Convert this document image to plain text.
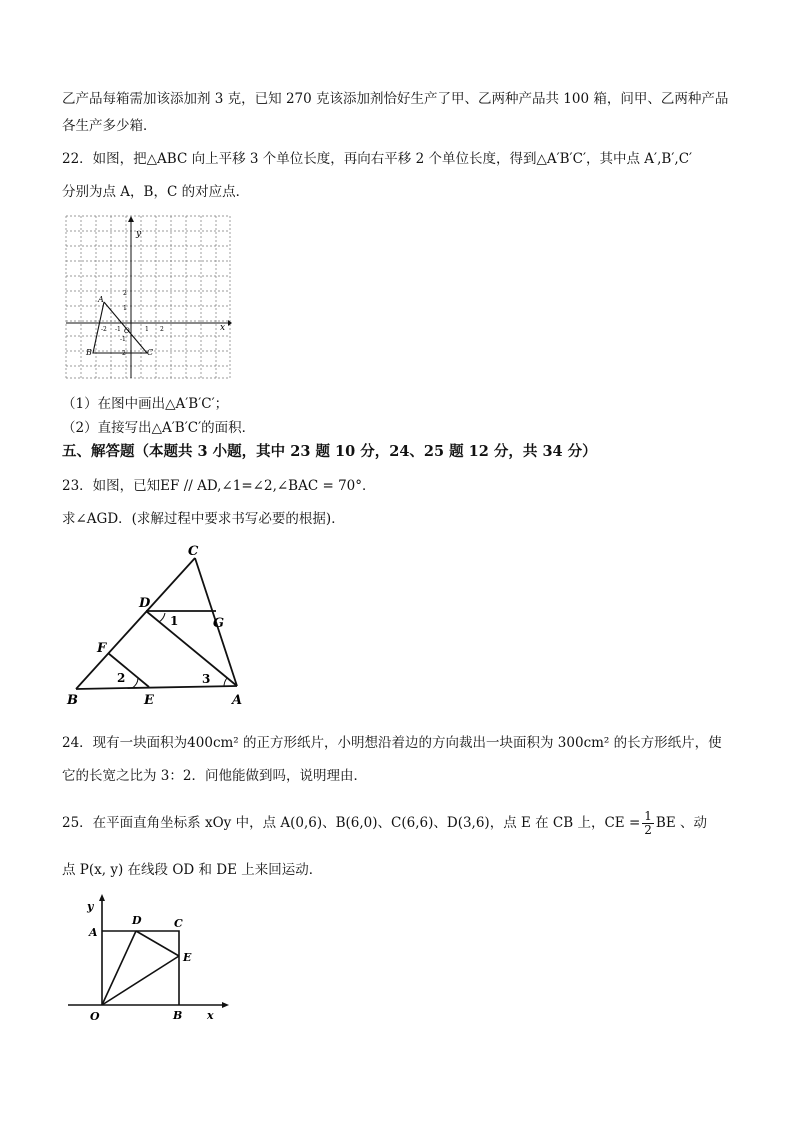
乙产品每箱需加该添加剂 3 克，已知 270 克该添加剂恰好生产了甲、乙两种产品共 100 箱，问甲、乙两种产品
各生产多少箱．
22．如图，把△ABC 向上平移 3 个单位长度，再向右平移 2 个单位长度，得到△A′B′C′，其中点 A′,B′,C′
分别为点 A，B，C 的对应点．
y
x
O
A
B	C
-2 -1	1 2
2
1
-1
-2
（1）在图中画出△A′B′C′；
（2）直接写出△A′B′C′的面积．
五、解答题（本题共 3 小题，其中 23 题 10 分，24、25 题 12 分，共 34 分）
23．如图，已知EF // AD,∠1=∠2,∠BAC = 70°．
求∠AGD．(求解过程中要求书写必要的根据)．
C
D
G
F
B	E	A
1
2	3
24．现有一块面积为400cm² 的正方形纸片，小明想沿着边的方向裁出一块面积为 300cm² 的长方形纸片，使
它的长宽之比为 3：2．问他能做到吗，说明理由．
25．在平面直角坐标系 xOy 中，点 A(0,6)、B(6,0)、C(6,6)、D(3,6)，点 E 在 CB 上，CE = $\frac{1}{2}$ BE 、动
点 P(x, y) 在线段 OD 和 DE 上来回运动．
y
x
O
A
B
C
D
E
